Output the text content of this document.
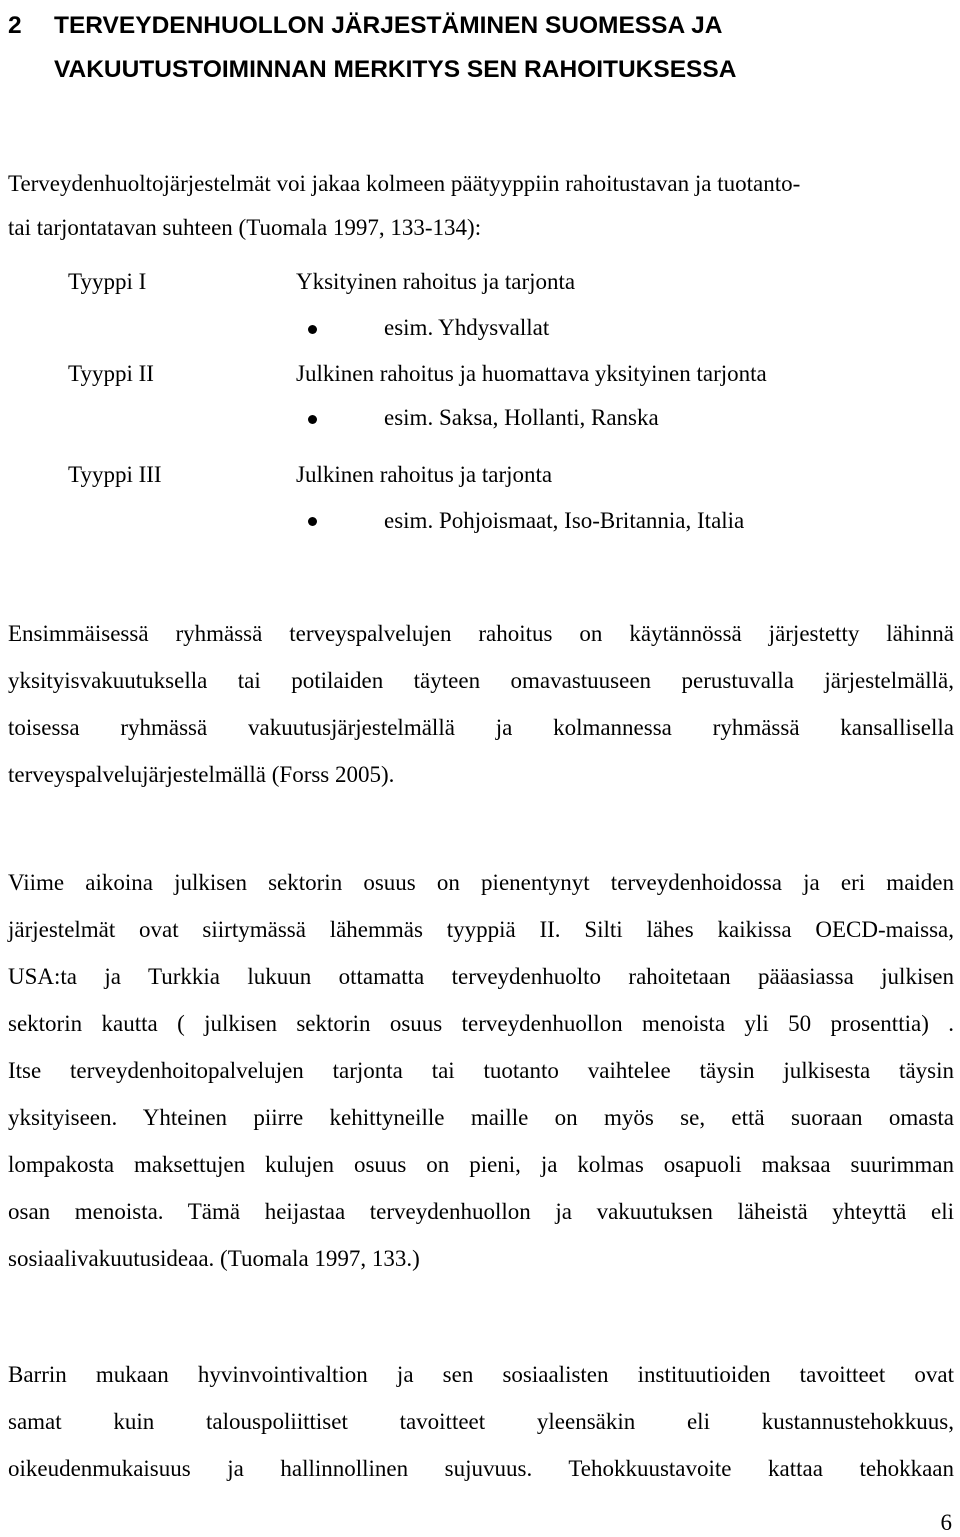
2 TERVEYDENHUOLLON JÄRJESTÄMINEN SUOMESSA JA
VAKUUTUSTOIMINNAN MERKITYS SEN RAHOITUKSESSA
Terveydenhuoltojärjestelmät voi jakaa kolmeen päätyyppiin rahoitustavan ja tuotanto-
tai tarjontatavan suhteen (Tuomala 1997, 133-134):
Tyyppi I	Yksityinen rahoitus ja tarjonta
esim. Yhdysvallat
Tyyppi II	Julkinen rahoitus ja huomattava yksityinen tarjonta
esim. Saksa, Hollanti, Ranska
Tyyppi III	Julkinen rahoitus ja tarjonta
esim. Pohjoismaat, Iso-Britannia, Italia
Ensimmäisessä ryhmässä terveyspalvelujen rahoitus on käytännössä järjestetty lähinnä
yksityisvakuutuksella tai potilaiden täyteen omavastuuseen perustuvalla järjestelmällä,
toisessa ryhmässä vakuutusjärjestelmällä ja kolmannessa ryhmässä kansallisella
terveyspalvelujärjestelmällä (Forss 2005).
Viime aikoina julkisen sektorin osuus on pienentynyt terveydenhoidossa ja eri maiden
järjestelmät ovat siirtymässä lähemmäs tyyppiä II. Silti lähes kaikissa OECD-maissa,
USA:ta ja Turkkia lukuun ottamatta terveydenhuolto rahoitetaan pääasiassa julkisen
sektorin kautta ( julkisen sektorin osuus terveydenhuollon menoista yli 50 prosenttia) .
Itse terveydenhoitopalvelujen tarjonta tai tuotanto vaihtelee täysin julkisesta täysin
yksityiseen. Yhteinen piirre kehittyneille maille on myös se, että suoraan omasta
lompakosta maksettujen kulujen osuus on pieni, ja kolmas osapuoli maksaa suurimman
osan menoista. Tämä heijastaa terveydenhuollon ja vakuutuksen läheistä yhteyttä eli
sosiaalivakuutusideaa. (Tuomala 1997, 133.)
Barrin mukaan hyvinvointivaltion ja sen sosiaalisten instituutioiden tavoitteet ovat
samat kuin talouspoliittiset tavoitteet yleensäkin eli kustannustehokkuus,
oikeudenmukaisuus ja hallinnollinen sujuvuus. Tehokkuustavoite kattaa tehokkaan
6
